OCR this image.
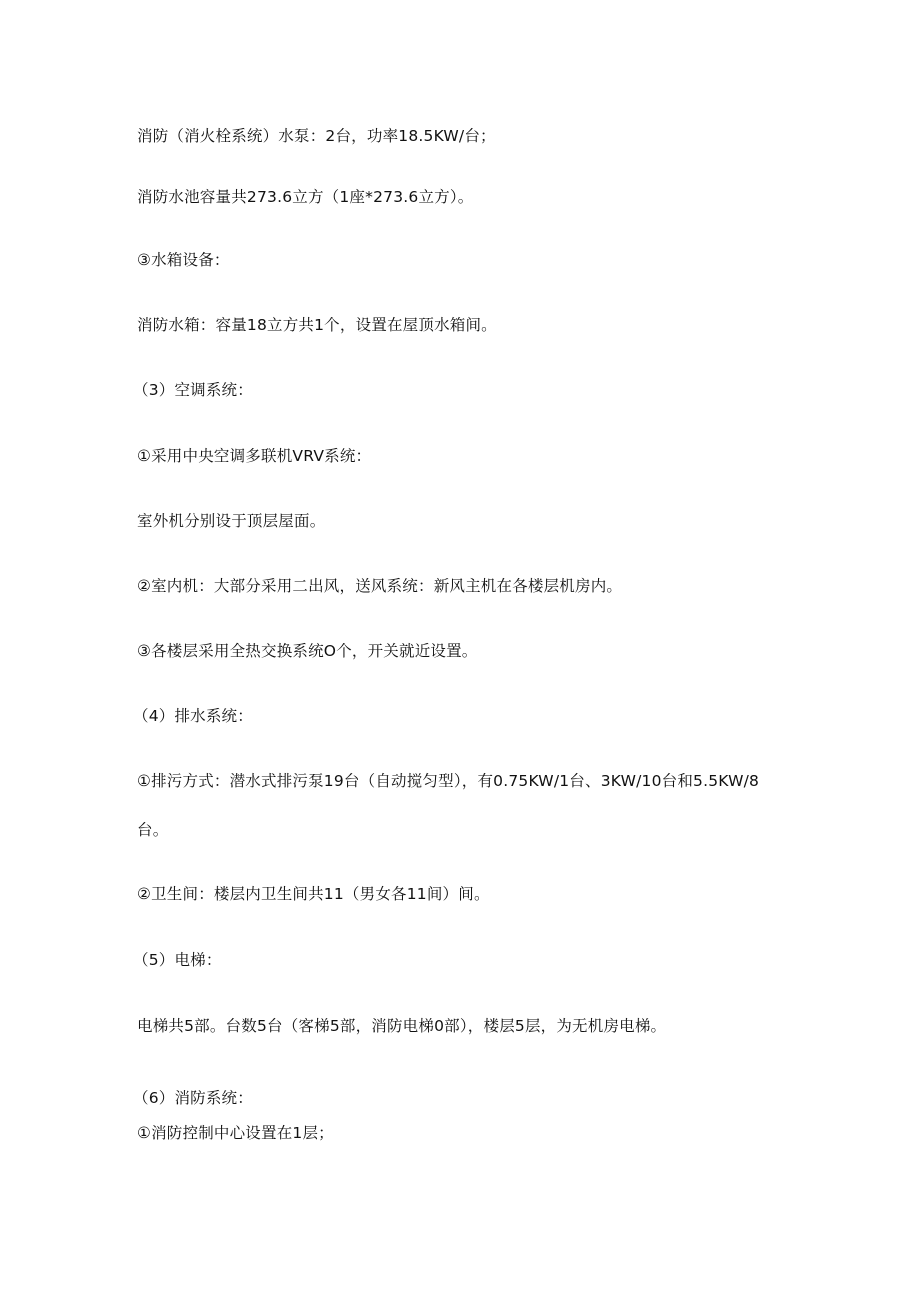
消防（消火栓系统）水泵：2台，功率18.5KW/台；
消防水池容量共273.6立方（1座*273.6立方）。
③水箱设备：
消防水箱：容量18立方共1个，设置在屋顶水箱间。
（3）空调系统：
①采用中央空调多联机VRV系统：
室外机分别设于顶层屋面。
②室内机：大部分采用二出风，送风系统：新风主机在各楼层机房内。
③各楼层采用全热交换系统O个，开关就近设置。
（4）排水系统：
①排污方式：潜水式排污泵19台（自动搅匀型），有0.75KW/1台、3KW/10台和5.5KW/8
台。
②卫生间：楼层内卫生间共11（男女各11间）间。
（5）电梯：
电梯共5部。台数5台（客梯5部，消防电梯0部），楼层5层，为无机房电梯。
（6）消防系统：
①消防控制中心设置在1层；
